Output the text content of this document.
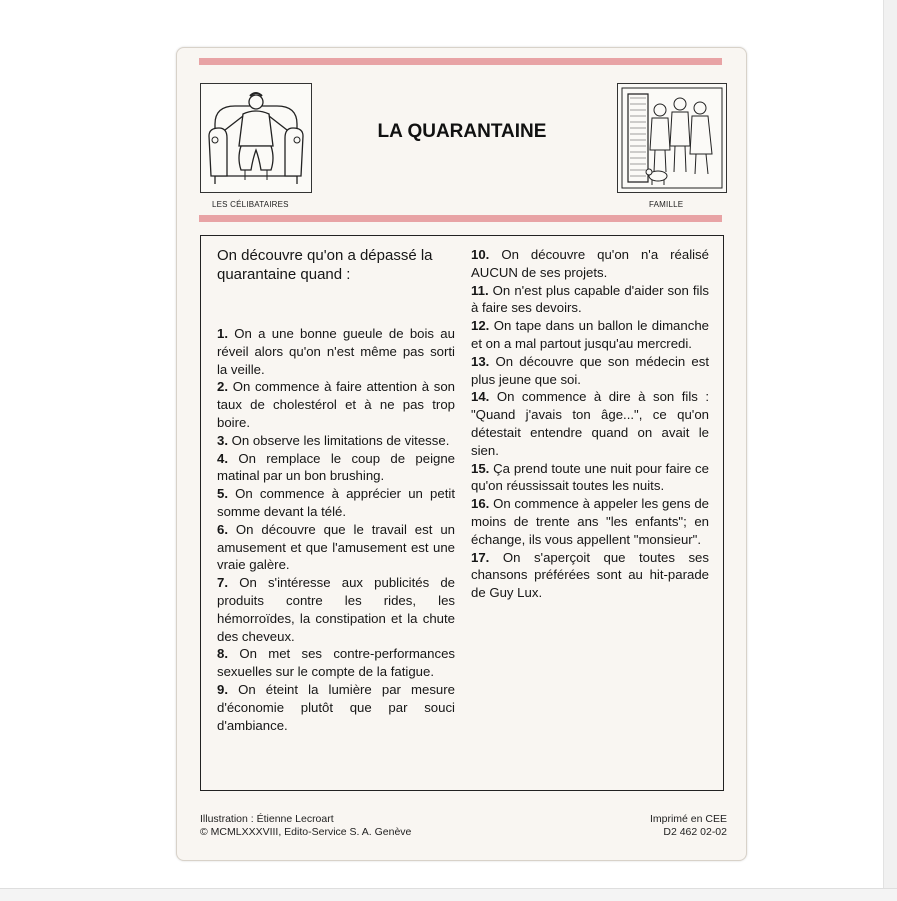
LES CÉLIBATAIRES
LA QUARANTAINE
FAMILLE

On découvre qu'on a dépassé la quarantaine quand :

1. On a une bonne gueule de bois au réveil alors qu'on n'est même pas sorti la veille.

2. On commence à faire attention à son taux de cholestérol et à ne pas trop boire.

3. On observe les limitations de vitesse.

4. On remplace le coup de peigne matinal par un bon brushing.

5. On commence à apprécier un petit somme devant la télé.

6. On découvre que le travail est un amusement et que l'amusement est une vraie galère.

7. On s'intéresse aux publicités de produits contre les rides, les hémorroïdes, la constipation et la chute des cheveux.

8. On met ses contre-performances sexuelles sur le compte de la fatigue.

9. On éteint la lumière par mesure d'économie plutôt que par souci d'ambiance.

10. On découvre qu'on n'a réalisé AUCUN de ses projets.

11. On n'est plus capable d'aider son fils à faire ses devoirs.

12. On tape dans un ballon le dimanche et on a mal partout jusqu'au mercredi.

13. On découvre que son médecin est plus jeune que soi.

14. On commence à dire à son fils : "Quand j'avais ton âge...", ce qu'on détestait entendre quand on avait le sien.

15. Ça prend toute une nuit pour faire ce qu'on réussissait toutes les nuits.

16. On commence à appeler les gens de moins de trente ans "les enfants"; en échange, ils vous appellent "monsieur".

17. On s'aperçoit que toutes ses chansons préférées sont au hit-parade de Guy Lux.

Illustration : Étienne Lecroart
© MCMLXXXVIII, Edito-Service S. A. Genève
Imprimé en CEE
D2 462 02-02
